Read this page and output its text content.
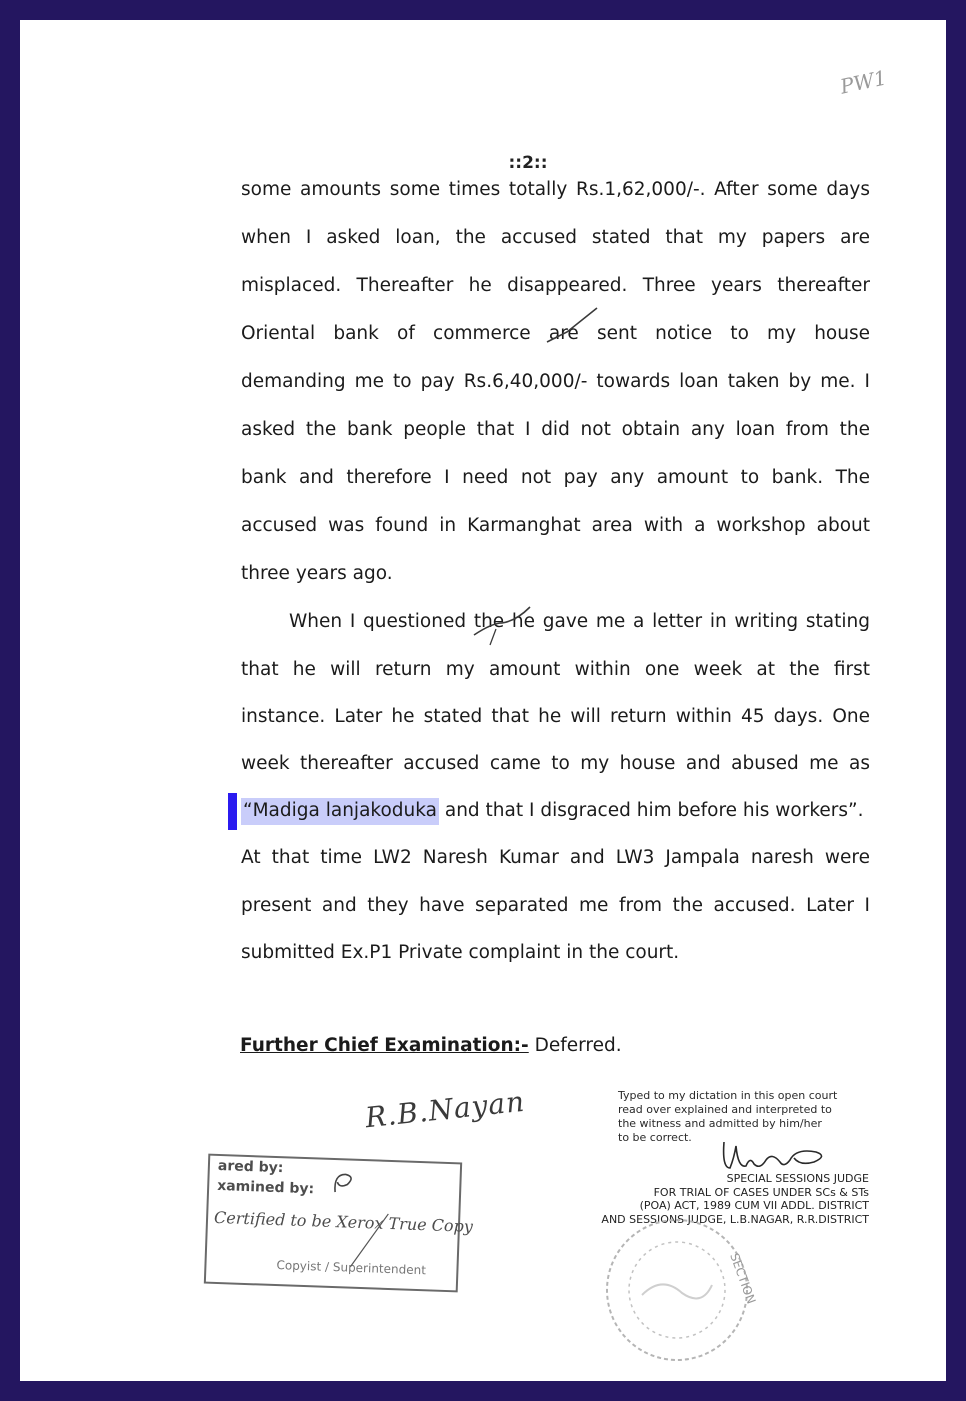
PW1
::2::
some amounts some times totally Rs.1,62,000/-. After some days
when I asked loan, the accused stated that my papers are
misplaced. Thereafter he disappeared. Three years thereafter
Oriental bank of commerce are sent notice to my house
demanding me to pay Rs.6,40,000/- towards loan taken by me. I
asked the bank people that I did not obtain any loan from the
bank and therefore I need not pay any amount to bank. The
accused was found in Karmanghat area with a workshop about
three years ago.
When I questioned the he gave me a letter in writing stating
that he will return my amount within one week at the first
instance. Later he stated that he will return within 45 days. One
week thereafter accused came to my house and abused me as
“Madiga lanjakoduka and that I disgraced him before his workers”.
At that time LW2 Naresh Kumar and LW3 Jampala naresh were
present and they have separated me from the accused. Later I
submitted Ex.P1 Private complaint in the court.
Further Chief Examination:- Deferred.
R.B.Nayan
ared by:
xamined by:
Certified to be Xerox True Copy
Copyist / Superintendent
Typed to my dictation in this open court
read over explained and interpreted to
the witness and admitted by him/her
to be correct.
SPECIAL SESSIONS JUDGE
FOR TRIAL OF CASES UNDER SCs & STs
(POA) ACT, 1989 CUM VII ADDL. DISTRICT
AND SESSIONS JUDGE, L.B.NAGAR, R.R.DISTRICT
SECTION
